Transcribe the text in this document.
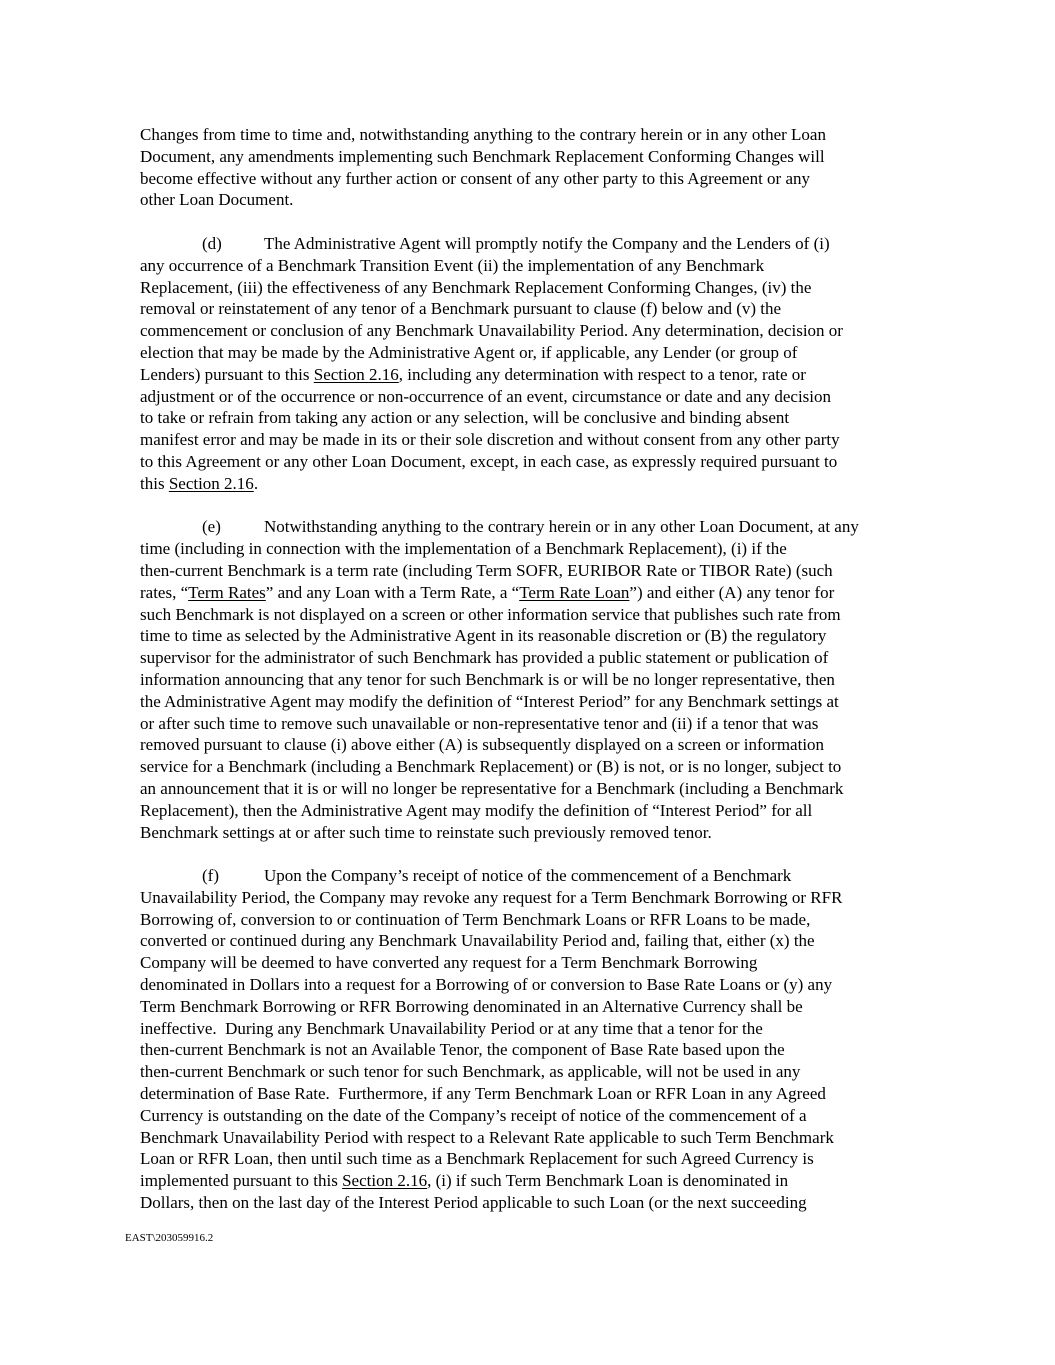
Changes from time to time and, notwithstanding anything to the contrary herein or in any other Loan
Document, any amendments implementing such Benchmark Replacement Conforming Changes will
become effective without any further action or consent of any other party to this Agreement or any
other Loan Document.
(d) The Administrative Agent will promptly notify the Company and the Lenders of (i)
any occurrence of a Benchmark Transition Event (ii) the implementation of any Benchmark
Replacement, (iii) the effectiveness of any Benchmark Replacement Conforming Changes, (iv) the
removal or reinstatement of any tenor of a Benchmark pursuant to clause (f) below and (v) the
commencement or conclusion of any Benchmark Unavailability Period. Any determination, decision or
election that may be made by the Administrative Agent or, if applicable, any Lender (or group of
Lenders) pursuant to this Section 2.16, including any determination with respect to a tenor, rate or
adjustment or of the occurrence or non-occurrence of an event, circumstance or date and any decision
to take or refrain from taking any action or any selection, will be conclusive and binding absent
manifest error and may be made in its or their sole discretion and without consent from any other party
to this Agreement or any other Loan Document, except, in each case, as expressly required pursuant to
this Section 2.16.
(e)	Notwithstanding anything to the contrary herein or in any other Loan Document, at any
time (including in connection with the implementation of a Benchmark Replacement), (i) if the
then-current Benchmark is a term rate (including Term SOFR, EURIBOR Rate or TIBOR Rate) (such
rates, “Term Rates” and any Loan with a Term Rate, a “Term Rate Loan”) and either (A) any tenor for
such Benchmark is not displayed on a screen or other information service that publishes such rate from
time to time as selected by the Administrative Agent in its reasonable discretion or (B) the regulatory
supervisor for the administrator of such Benchmark has provided a public statement or publication of
information announcing that any tenor for such Benchmark is or will be no longer representative, then
the Administrative Agent may modify the definition of “Interest Period” for any Benchmark settings at
or after such time to remove such unavailable or non-representative tenor and (ii) if a tenor that was
removed pursuant to clause (i) above either (A) is subsequently displayed on a screen or information
service for a Benchmark (including a Benchmark Replacement) or (B) is not, or is no longer, subject to
an announcement that it is or will no longer be representative for a Benchmark (including a Benchmark
Replacement), then the Administrative Agent may modify the definition of “Interest Period” for all
Benchmark settings at or after such time to reinstate such previously removed tenor.
(f)	Upon the Company’s receipt of notice of the commencement of a Benchmark
Unavailability Period, the Company may revoke any request for a Term Benchmark Borrowing or RFR
Borrowing of, conversion to or continuation of Term Benchmark Loans or RFR Loans to be made,
converted or continued during any Benchmark Unavailability Period and, failing that, either (x) the
Company will be deemed to have converted any request for a Term Benchmark Borrowing
denominated in Dollars into a request for a Borrowing of or conversion to Base Rate Loans or (y) any
Term Benchmark Borrowing or RFR Borrowing denominated in an Alternative Currency shall be
ineffective.  During any Benchmark Unavailability Period or at any time that a tenor for the
then-current Benchmark is not an Available Tenor, the component of Base Rate based upon the
then-current Benchmark or such tenor for such Benchmark, as applicable, will not be used in any
determination of Base Rate.  Furthermore, if any Term Benchmark Loan or RFR Loan in any Agreed
Currency is outstanding on the date of the Company’s receipt of notice of the commencement of a
Benchmark Unavailability Period with respect to a Relevant Rate applicable to such Term Benchmark
Loan or RFR Loan, then until such time as a Benchmark Replacement for such Agreed Currency is
implemented pursuant to this Section 2.16, (i) if such Term Benchmark Loan is denominated in
Dollars, then on the last day of the Interest Period applicable to such Loan (or the next succeeding
EAST\203059916.2
